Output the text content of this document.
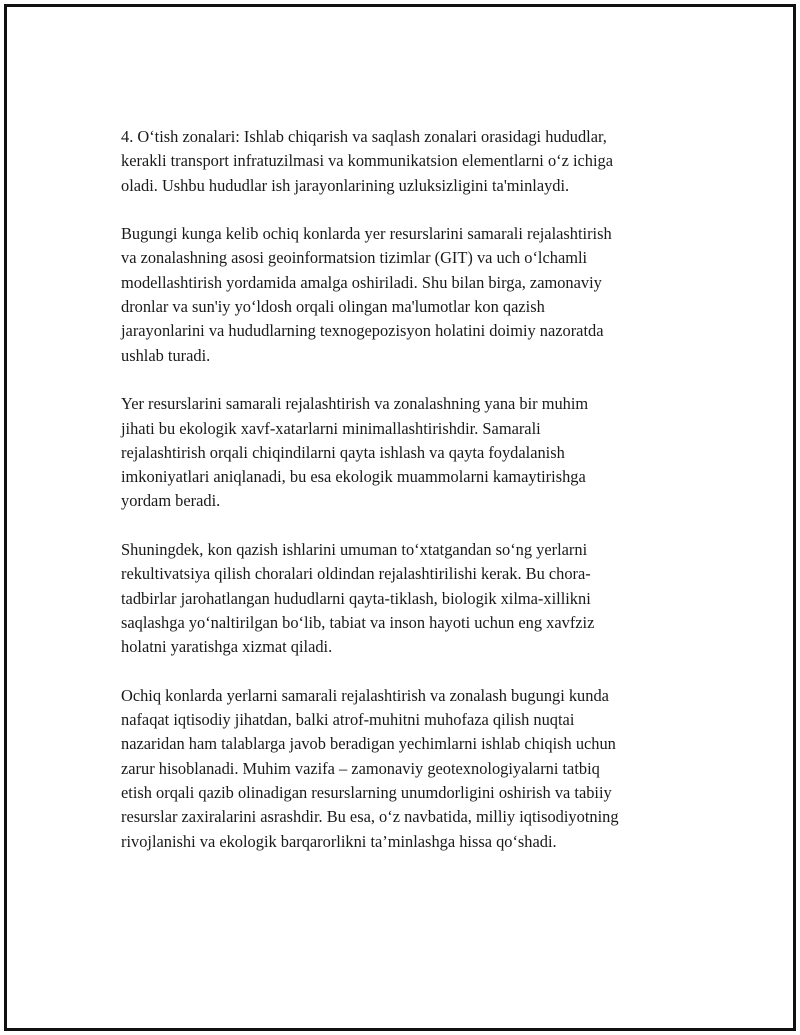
4. O‘tish zonalari: Ishlab chiqarish va saqlash zonalari orasidagi hududlar,
kerakli transport infratuzilmasi va kommunikatsion elementlarni o‘z ichiga
oladi. Ushbu hududlar ish jarayonlarining uzluksizligini ta'minlaydi.

Bugungi kunga kelib ochiq konlarda yer resurslarini samarali rejalashtirish
va zonalashning asosi geoinformatsion tizimlar (GIT) va uch o‘lchamli
modellashtirish yordamida amalga oshiriladi. Shu bilan birga, zamonaviy
dronlar va sun'iy yo‘ldosh orqali olingan ma'lumotlar kon qazish
jarayonlarini va hududlarning texnogepozisyon holatini doimiy nazoratda
ushlab turadi.

Yer resurslarini samarali rejalashtirish va zonalashning yana bir muhim
jihati bu ekologik xavf-xatarlarni minimallashtirishdir. Samarali
rejalashtirish orqali chiqindilarni qayta ishlash va qayta foydalanish
imkoniyatlari aniqlanadi, bu esa ekologik muammolarni kamaytirishga
yordam beradi.

Shuningdek, kon qazish ishlarini umuman to‘xtatgandan so‘ng yerlarni
rekultivatsiya qilish choralari oldindan rejalashtirilishi kerak. Bu chora-
tadbirlar jarohatlangan hududlarni qayta-tiklash, biologik xilma-xillikni
saqlashga yo‘naltirilgan bo‘lib, tabiat va inson hayoti uchun eng xavfziz
holatni yaratishga xizmat qiladi.

Ochiq konlarda yerlarni samarali rejalashtirish va zonalash bugungi kunda
nafaqat iqtisodiy jihatdan, balki atrof-muhitni muhofaza qilish nuqtai
nazaridan ham talablarga javob beradigan yechimlarni ishlab chiqish uchun
zarur hisoblanadi. Muhim vazifa – zamonaviy geotexnologiyalarni tatbiq
etish orqali qazib olinadigan resurslarning unumdorligini oshirish va tabiiy
resurslar zaxiralarini asrashdir. Bu esa, o‘z navbatida, milliy iqtisodiyotning
rivojlanishi va ekologik barqarorlikni ta’minlashga hissa qo‘shadi.
